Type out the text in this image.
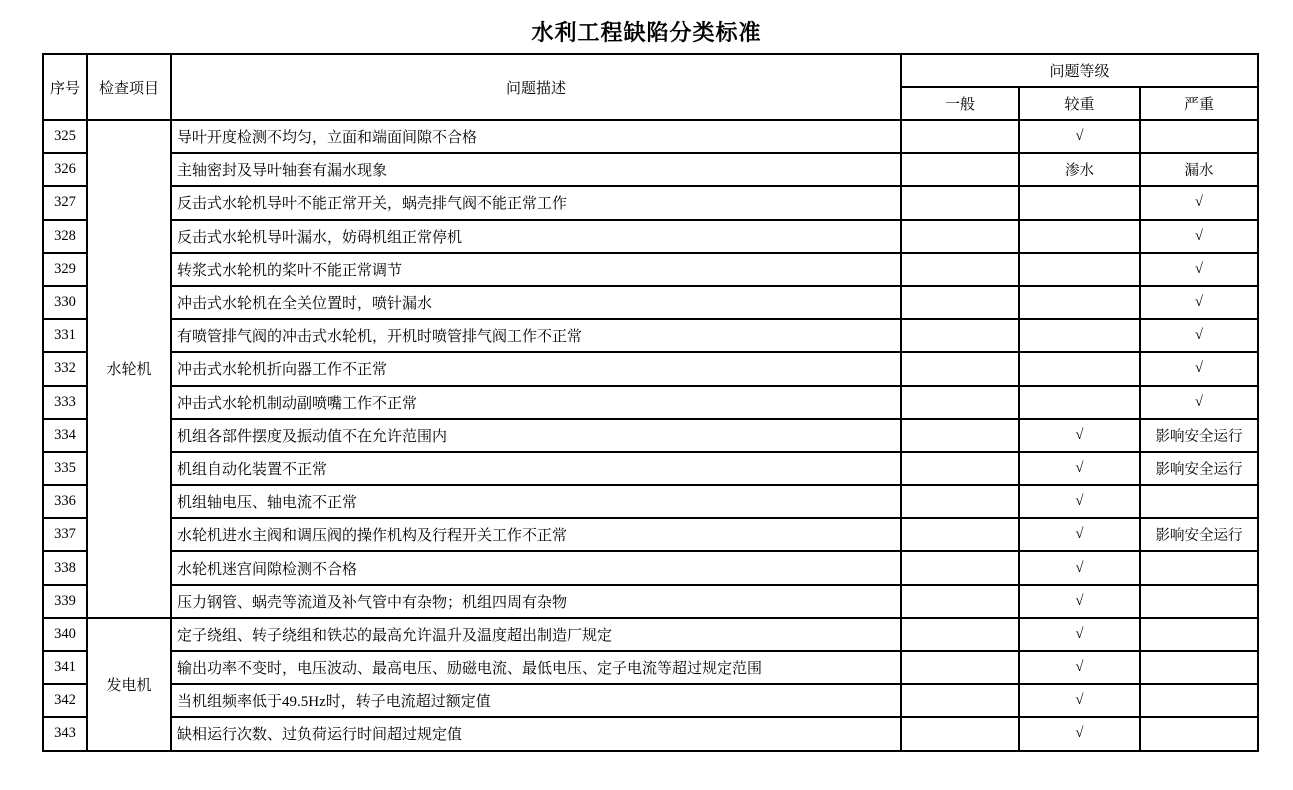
水利工程缺陷分类标准
序号	检查项目	问题描述	问题等级		
			一般	较重	严重
325	水轮机	导叶开度检测不均匀，立面和端面间隙不合格		√	
326		主轴密封及导叶轴套有漏水现象		渗水	漏水
327		反击式水轮机导叶不能正常开关，蜗壳排气阀不能正常工作			√
328		反击式水轮机导叶漏水，妨碍机组正常停机			√
329		转浆式水轮机的桨叶不能正常调节			√
330		冲击式水轮机在全关位置时，喷针漏水			√
331		有喷管排气阀的冲击式水轮机，开机时喷管排气阀工作不正常			√
332		冲击式水轮机折向器工作不正常			√
333		冲击式水轮机制动副喷嘴工作不正常			√
334		机组各部件摆度及振动值不在允许范围内		√	影响安全运行
335		机组自动化装置不正常		√	影响安全运行
336		机组轴电压、轴电流不正常		√	
337		水轮机进水主阀和调压阀的操作机构及行程开关工作不正常		√	影响安全运行
338		水轮机迷宫间隙检测不合格		√	
339		压力钢管、蜗壳等流道及补气管中有杂物；机组四周有杂物		√	
340	发电机	定子绕组、转子绕组和铁芯的最高允许温升及温度超出制造厂规定		√	
341		输出功率不变时，电压波动、最高电压、励磁电流、最低电压、定子电流等超过规定范围		√	
342		当机组频率低于49.5Hz时，转子电流超过额定值		√	
343		缺相运行次数、过负荷运行时间超过规定值		√	
